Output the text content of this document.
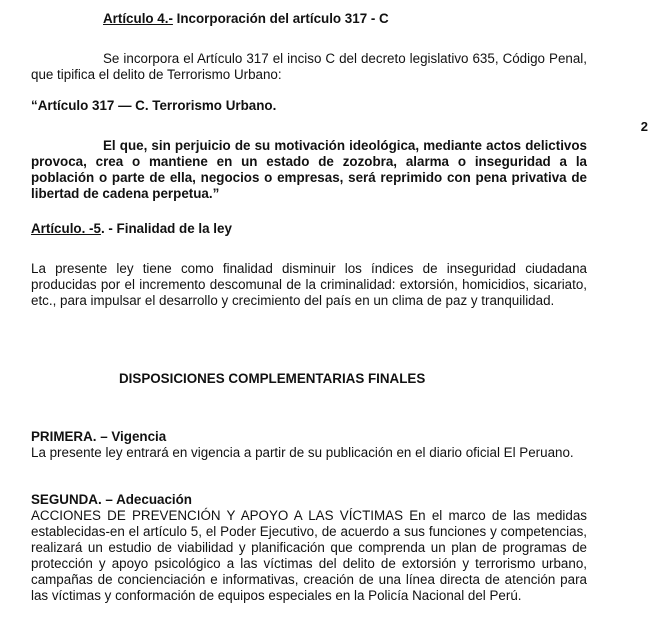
Artículo 4.- Incorporación del artículo 317 - C
Se incorpora el Artículo 317 el inciso C del decreto legislativo 635, Código Penal, que tipifica el delito de Terrorismo Urbano:
“Artículo 317 — C. Terrorismo Urbano.
El que, sin perjuicio de su motivación ideológica, mediante actos delictivos provoca, crea o mantiene en un estado de zozobra, alarma o inseguridad a la población o parte de ella, negocios o empresas, será reprimido con pena privativa de libertad de cadena perpetua.”
Artículo. -5. - Finalidad de la ley
La presente ley tiene como finalidad disminuir los índices de inseguridad ciudadana producidas por el incremento descomunal de la criminalidad: extorsión, homicidios, sicariato, etc., para impulsar el desarrollo y crecimiento del país en un clima de paz y tranquilidad.
DISPOSICIONES COMPLEMENTARIAS FINALES
PRIMERA. – Vigencia
La presente ley entrará en vigencia a partir de su publicación en el diario oficial El Peruano.
SEGUNDA. – Adecuación
ACCIONES DE PREVENCIÓN Y APOYO A LAS VÍCTIMAS En el marco de las medidas establecidas-en el artículo 5, el Poder Ejecutivo, de acuerdo a sus funciones y competencias, realizará un estudio de viabilidad y planificación que comprenda un plan de programas de protección y apoyo psicológico a las víctimas del delito de extorsión y terrorismo urbano, campañas de concienciación e informativas, creación de una línea directa de atención para las víctimas y conformación de equipos especiales en la Policía Nacional del Perú.
2
